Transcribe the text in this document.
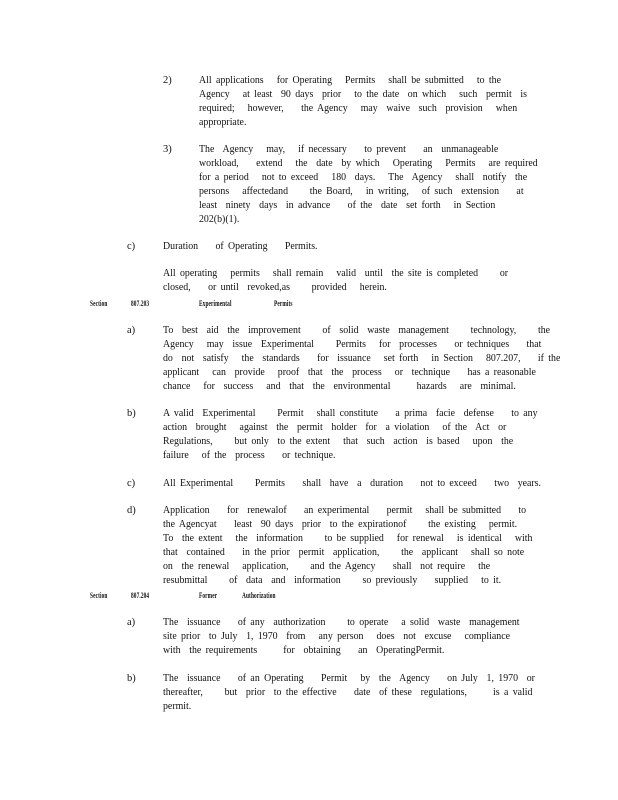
2)	All applications   for Operating   Permits   shall be submitted   to the
Agency   at least  90 days  prior   to the date  on which   such  permit  is
required;   however,    the Agency   may  waive  such  provision   when
appropriate.
3)	The  Agency   may,   if necessary    to prevent    an  unmanageable
workload,    extend   the  date  by which   Operating   Permits   are required
for a period   not to exceed   180  days.   The  Agency   shall  notify  the
persons   affectedand     the Board,   in writing,   of such  extension    at
least  ninety  days  in advance    of the  date  set forth   in Section
202(b)(1).
c)	Duration    of Operating    Permits.
All operating   permits   shall remain   valid  until  the site is completed     or
closed,    or until  revoked,as     provided   herein.
Section	807.203	Experimental	Permits
a)	To  best  aid  the  improvement     of  solid  waste  management     technology,     the
Agency   may  issue  Experimental     Permits   for  processes    or techniques    that
do  not  satisfy   the  standards    for  issuance   set forth   in Section   807.207,    if the
applicant   can  provide   proof  that  the  process   or  technique    has a reasonable
chance   for  success   and  that  the  environmental      hazards   are  minimal.
b)	A valid  Experimental     Permit   shall constitute    a prima  facie  defense    to any
action  brought   against  the  permit  holder  for  a violation   of the  Act  or
Regulations,     but only  to the extent   that  such  action  is based   upon  the
failure   of the  process    or technique.
c)	All Experimental     Permits    shall  have  a  duration    not to exceed    two  years.
d)	Application    for  renewalof    an experimental    permit   shall be submitted    to
the Agencyat    least  90 days  prior  to the expirationof     the existing   permit.
To  the extent   the  information     to be supplied   for renewal   is identical   with
that  contained    in the prior  permit  application,     the  applicant   shall so note
on  the renewal   application,     and the Agency    shall  not require   the
resubmittal     of  data  and  information     so previously    supplied   to it.
Section	807.204	Former	Authorization
a)	The  issuance    of any  authorization     to operate   a solid  waste  management
site prior  to July  1, 1970  from   any person   does  not  excuse   compliance
with  the requirements      for  obtaining    an  OperatingPermit.
b)	The  issuance    of an Operating    Permit   by  the  Agency    on July  1, 1970  or
thereafter,     but  prior  to the effective    date  of these  regulations,      is a valid
permit.
